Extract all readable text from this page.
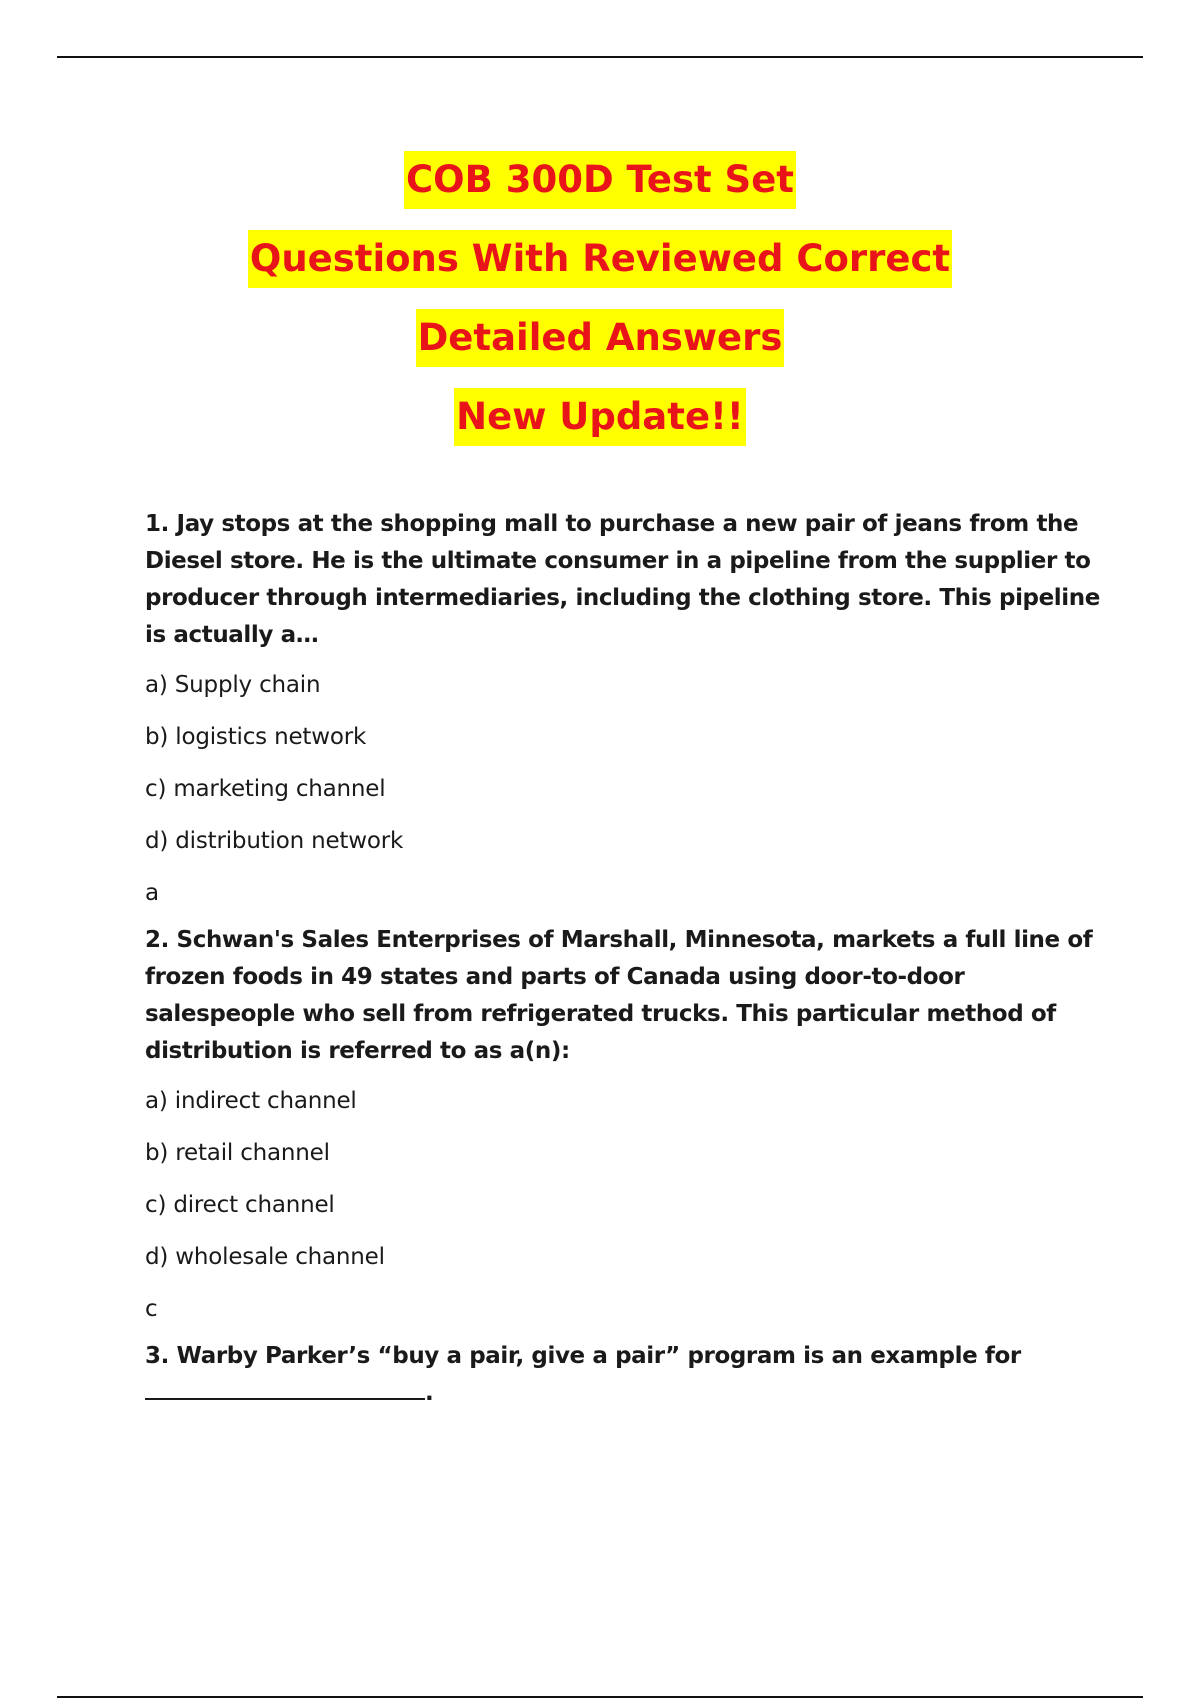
COB 300D Test Set
Questions With Reviewed Correct
Detailed Answers
New Update!!

1. Jay stops at the shopping mall to purchase a new pair of jeans from the Diesel store. He is the ultimate consumer in a pipeline from the supplier to producer through intermediaries, including the clothing store. This pipeline is actually a…

a) Supply chain
b) logistics network
c) marketing channel
d) distribution network
a

2. Schwan's Sales Enterprises of Marshall, Minnesota, markets a full line of frozen foods in 49 states and parts of Canada using door-to-door salespeople who sell from refrigerated trucks. This particular method of distribution is referred to as a(n):

a) indirect channel
b) retail channel
c) direct channel
d) wholesale channel
c

3. Warby Parker’s “buy a pair, give a pair” program is an example for

.
